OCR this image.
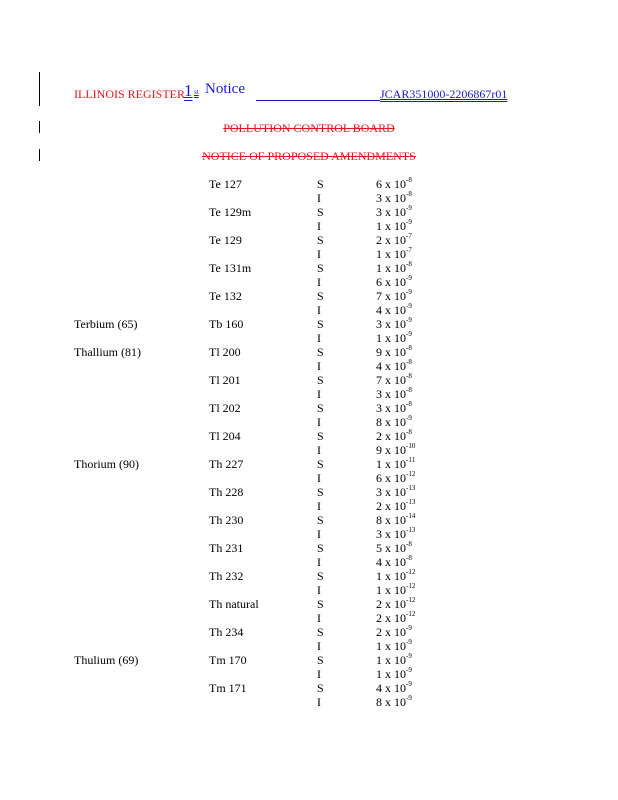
ILLINOIS REGISTER 1 st Notice	JCAR351000-2206867r01
POLLUTION CONTROL BOARD
NOTICE OF PROPOSED AMENDMENTS
Te 127	S	6 x $10^{-8}$
I	3 x $10^{-8}$
Te 129m	S	3 x $10^{-9}$
I	1 x $10^{-9}$
Te 129	S	2 x $10^{-7}$
I	1 x $10^{-7}$
Te 131m	S	1 x $10^{-8}$
I	6 x $10^{-9}$
Te 132	S	7 x $10^{-9}$
I	4 x $10^{-9}$
Terbium (65)	Tb 160	S	3 x $10^{-9}$
I	1 x $10^{-9}$
Thallium (81)	Tl 200	S	9 x $10^{-8}$
I	4 x $10^{-8}$
Tl 201	S	7 x $10^{-8}$
I	3 x $10^{-8}$
Tl 202	S	3 x $10^{-8}$
I	8 x $10^{-9}$
Tl 204	S	2 x $10^{-8}$
I	9 x $10^{-10}$
Thorium (90)	Th 227	S	1 x $10^{-11}$
I	6 x $10^{-12}$
Th 228	S	3 x $10^{-13}$
I	2 x $10^{-13}$
Th 230	S	8 x $10^{-14}$
I	3 x $10^{-13}$
Th 231	S	5 x $10^{-8}$
I	4 x $10^{-8}$
Th 232	S	1 x $10^{-12}$
I	1 x $10^{-12}$
Th natural	S	2 x $10^{-12}$
I	2 x $10^{-12}$
Th 234	S	2 x $10^{-9}$
I	1 x $10^{-9}$
Thulium (69)	Tm 170	S	1 x $10^{-9}$
I	1 x $10^{-9}$
Tm 171	S	4 x $10^{-9}$
I	8 x $10^{-9}$
